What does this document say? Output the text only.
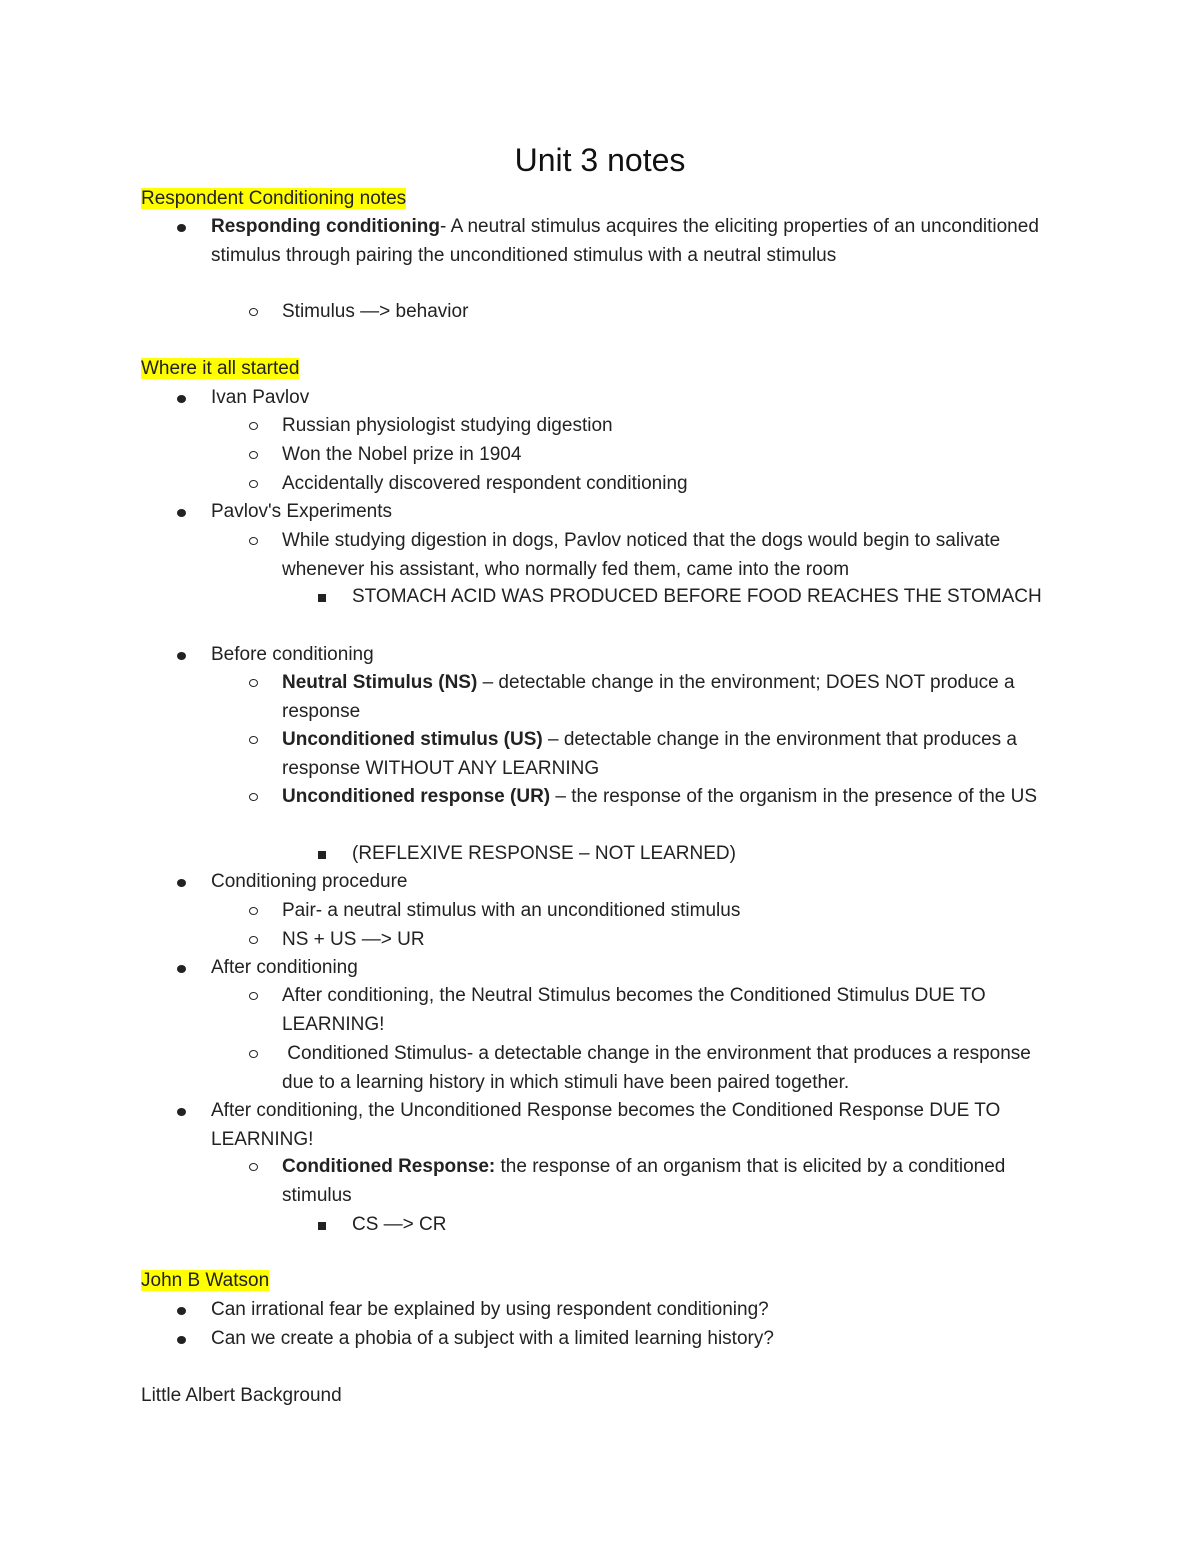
Unit 3 notes
Respondent Conditioning notes
Responding conditioning- A neutral stimulus acquires the eliciting properties of an unconditioned stimulus through pairing the unconditioned stimulus with a neutral stimulus
Stimulus —> behavior
Where it all started
Ivan Pavlov
Russian physiologist studying digestion
Won the Nobel prize in 1904
Accidentally discovered respondent conditioning
Pavlov's Experiments
While studying digestion in dogs, Pavlov noticed that the dogs would begin to salivate whenever his assistant, who normally fed them, came into the room
STOMACH ACID WAS PRODUCED BEFORE FOOD REACHES THE STOMACH
Before conditioning
Neutral Stimulus (NS) – detectable change in the environment; DOES NOT produce a response
Unconditioned stimulus (US) – detectable change in the environment that produces a response WITHOUT ANY LEARNING
Unconditioned response (UR) – the response of the organism in the presence of the US
(REFLEXIVE RESPONSE – NOT LEARNED)
Conditioning procedure
Pair- a neutral stimulus with an unconditioned stimulus
NS + US —> UR
After conditioning
After conditioning, the Neutral Stimulus becomes the Conditioned Stimulus DUE TO LEARNING!
Conditioned Stimulus- a detectable change in the environment that produces a response due to a learning history in which stimuli have been paired together.
After conditioning, the Unconditioned Response becomes the Conditioned Response DUE TO LEARNING!
Conditioned Response: the response of an organism that is elicited by a conditioned stimulus
CS —> CR
John B Watson
Can irrational fear be explained by using respondent conditioning?
Can we create a phobia of a subject with a limited learning history?
Little Albert Background
